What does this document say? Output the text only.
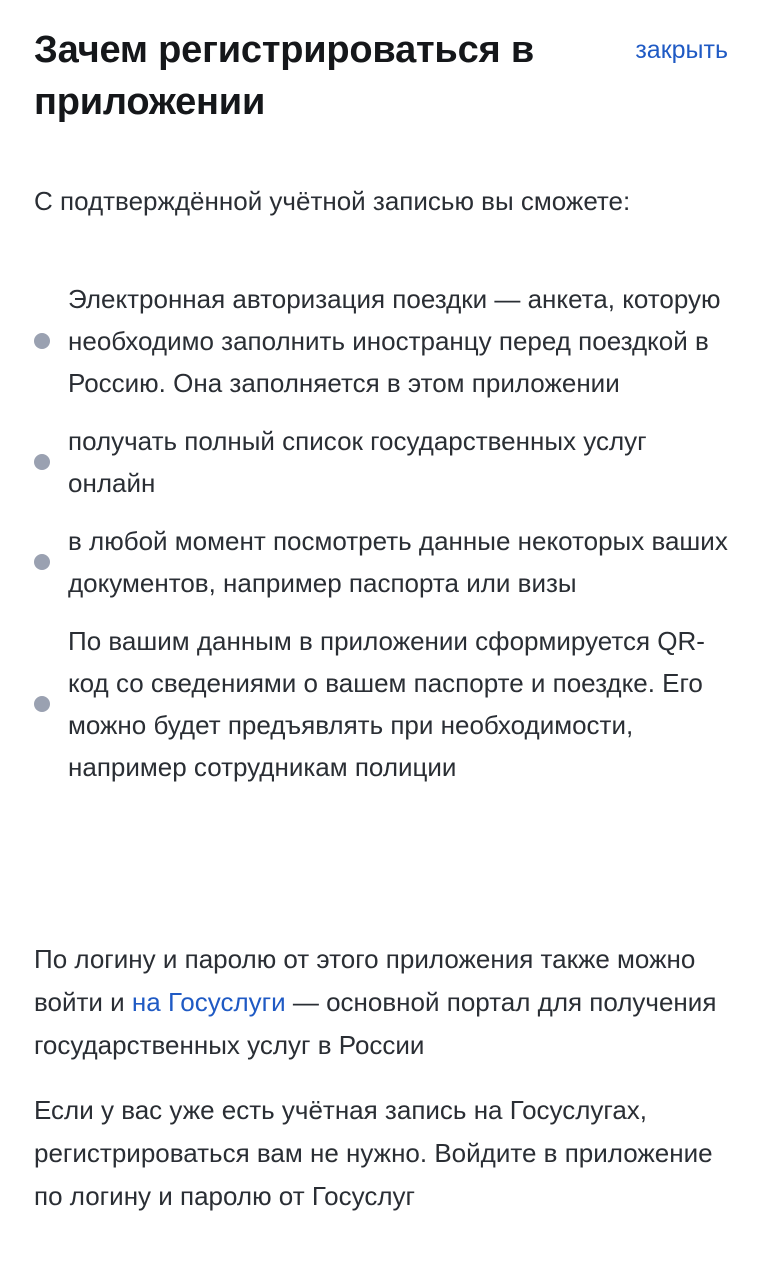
Зачем регистрироваться в приложении
закрыть

С подтверждённой учётной записью вы сможете:

Электронная авторизация поездки — анкета, которую необходимо заполнить иностранцу перед поездкой в Россию. Она заполняется в этом приложении
получать полный список государственных услуг онлайн
в любой момент посмотреть данные некоторых ваших документов, например паспорта или визы
По вашим данным в приложении сформируется QR-код со сведениями о вашем паспорте и поездке. Его можно будет предъявлять при необходимости, например сотрудникам полиции

По логину и паролю от этого приложения также можно войти и на Госуслуги — основной портал для получения государственных услуг в России

Если у вас уже есть учётная запись на Госуслугах, регистрироваться вам не нужно. Войдите в приложение по логину и паролю от Госуслуг
